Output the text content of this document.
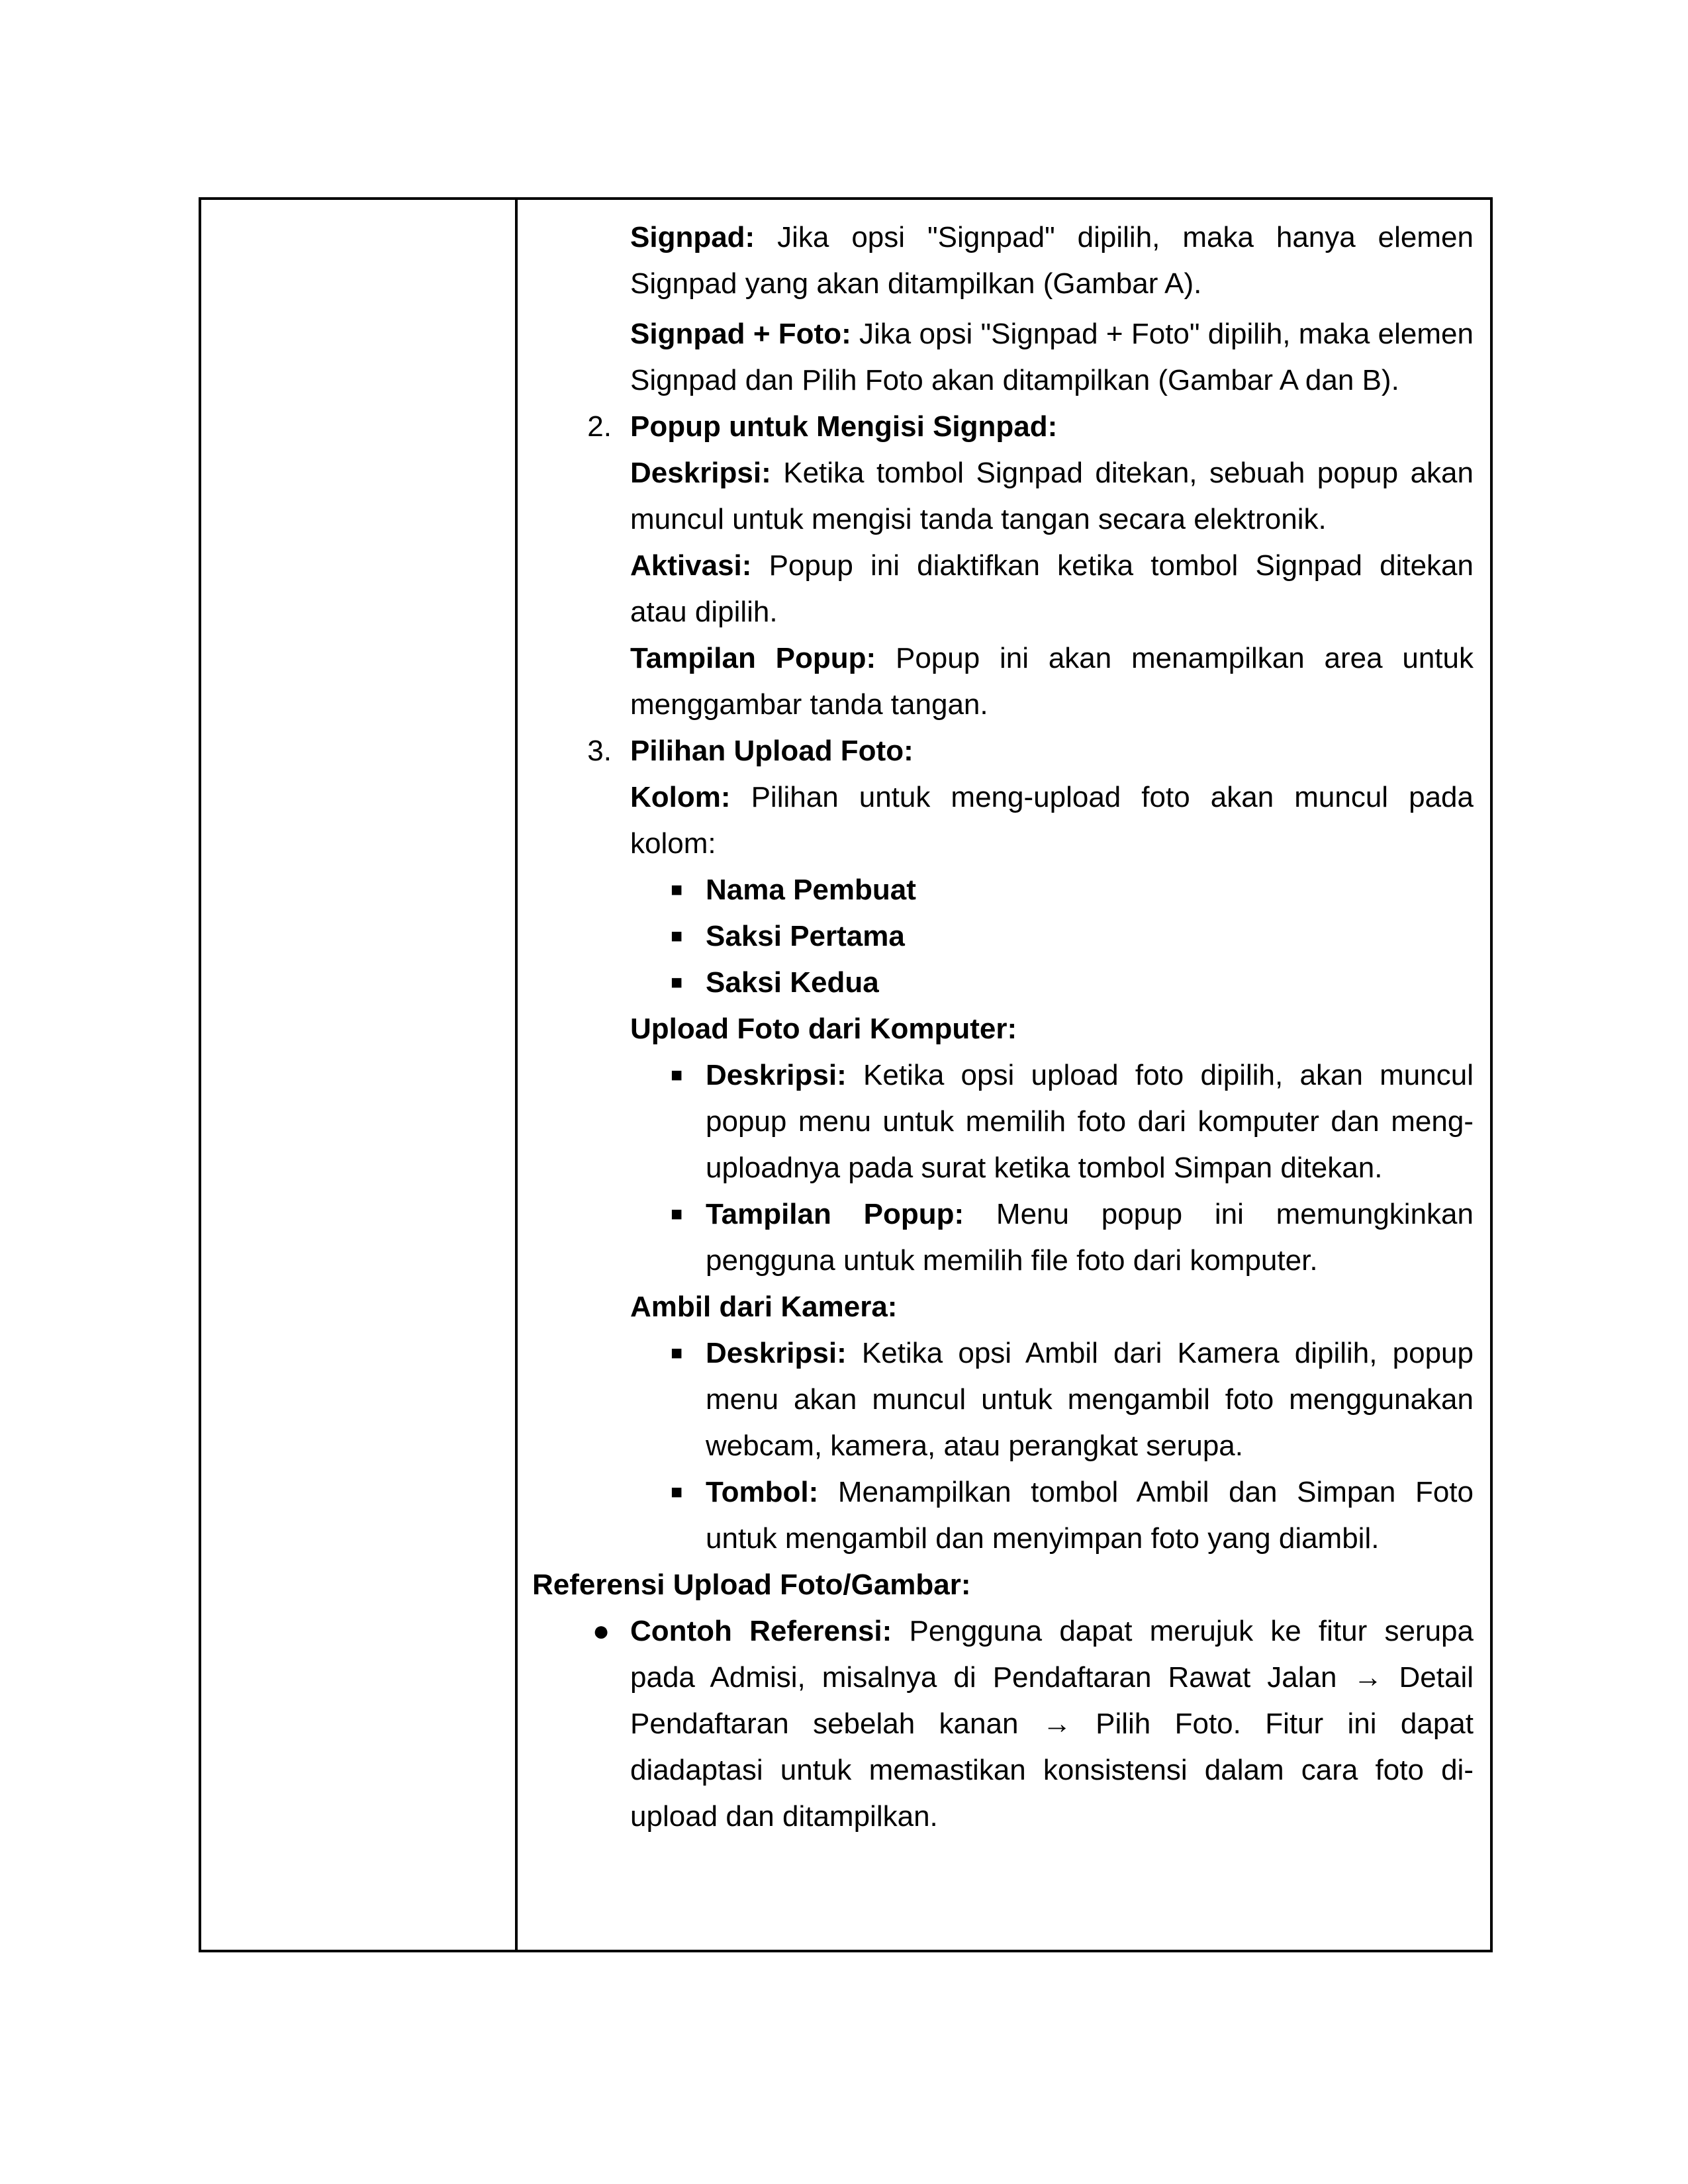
Signpad: Jika opsi "Signpad" dipilih, maka hanya elemen Signpad yang akan ditampilkan (Gambar A).

Signpad + Foto: Jika opsi "Signpad + Foto" dipilih, maka elemen Signpad dan Pilih Foto akan ditampilkan (Gambar A dan B).

2. Popup untuk Mengisi Signpad:

Deskripsi: Ketika tombol Signpad ditekan, sebuah popup akan muncul untuk mengisi tanda tangan secara elektronik.

Aktivasi: Popup ini diaktifkan ketika tombol Signpad ditekan atau dipilih.

Tampilan Popup: Popup ini akan menampilkan area untuk menggambar tanda tangan.

3. Pilihan Upload Foto:

Kolom: Pilihan untuk meng-upload foto akan muncul pada kolom:

■ Nama Pembuat

■ Saksi Pertama

■ Saksi Kedua

Upload Foto dari Komputer:

■ Deskripsi: Ketika opsi upload foto dipilih, akan muncul popup menu untuk memilih foto dari komputer dan meng-uploadnya pada surat ketika tombol Simpan ditekan.

■ Tampilan Popup: Menu popup ini memungkinkan pengguna untuk memilih file foto dari komputer.

Ambil dari Kamera:

■ Deskripsi: Ketika opsi Ambil dari Kamera dipilih, popup menu akan muncul untuk mengambil foto menggunakan webcam, kamera, atau perangkat serupa.

■ Tombol: Menampilkan tombol Ambil dan Simpan Foto untuk mengambil dan menyimpan foto yang diambil.

Referensi Upload Foto/Gambar:

● Contoh Referensi: Pengguna dapat merujuk ke fitur serupa pada Admisi, misalnya di Pendaftaran Rawat Jalan → Detail Pendaftaran sebelah kanan → Pilih Foto. Fitur ini dapat diadaptasi untuk memastikan konsistensi dalam cara foto di-upload dan ditampilkan.
